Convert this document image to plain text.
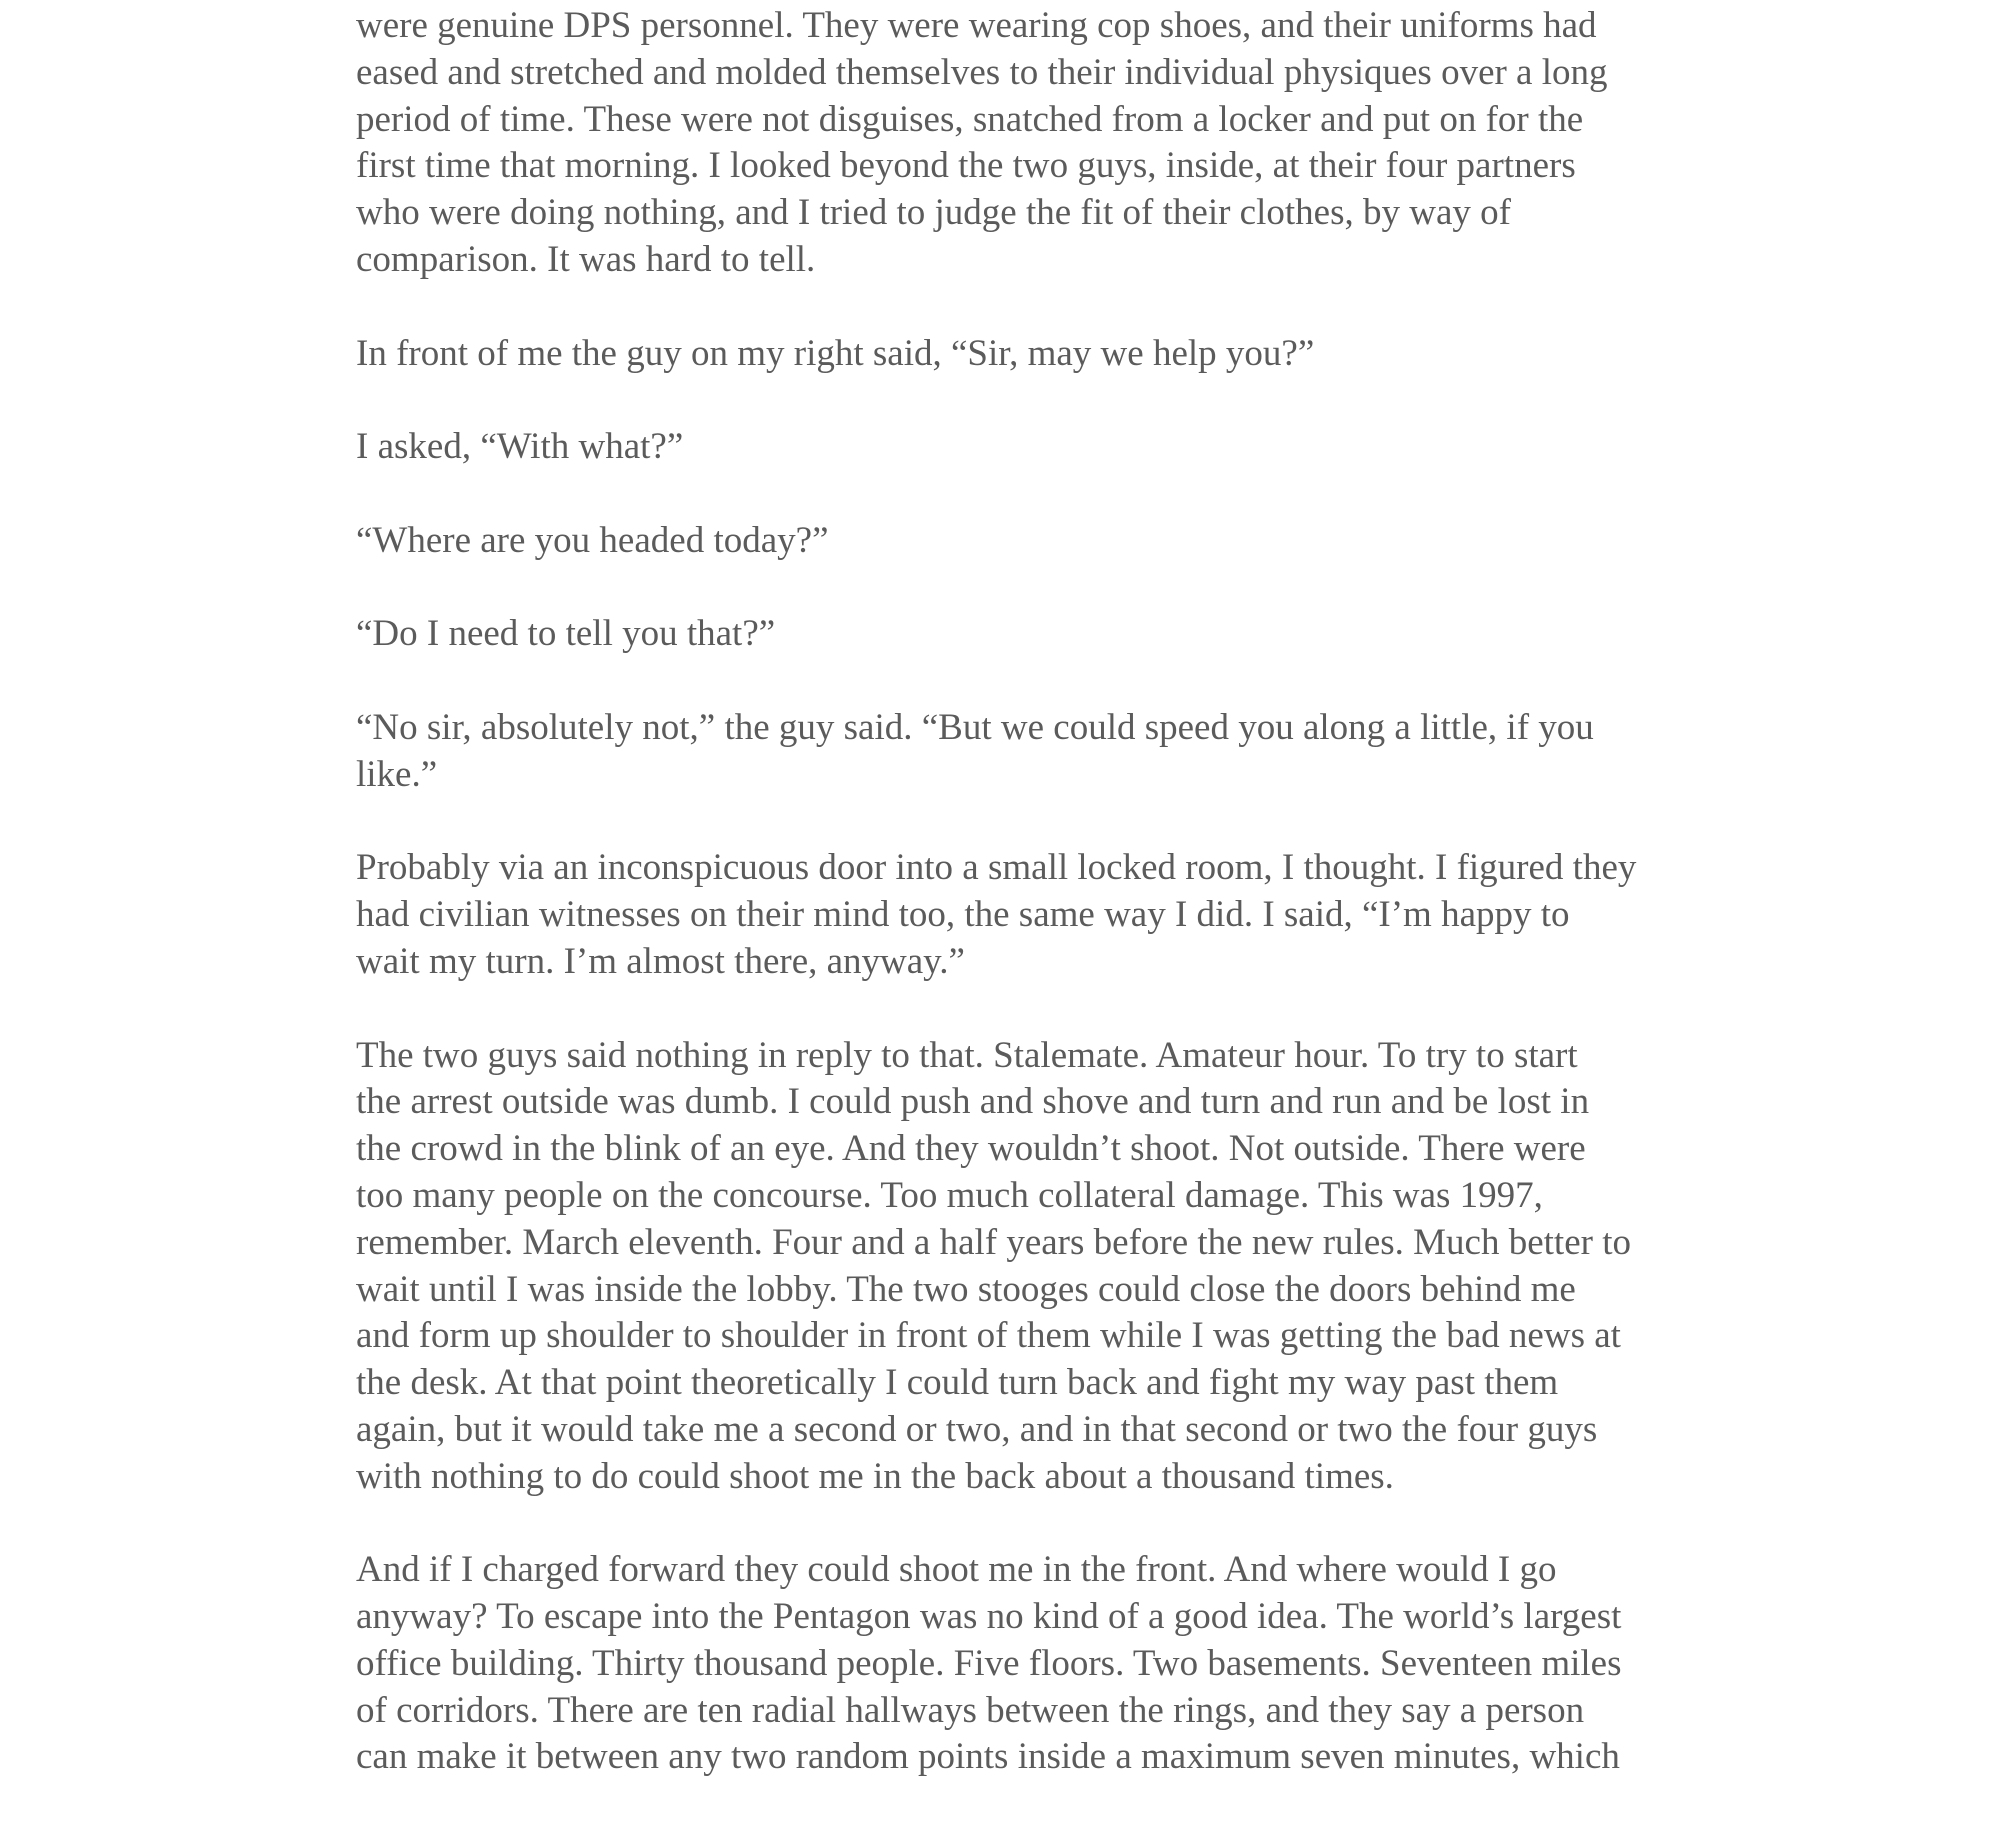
were genuine DPS personnel. They were wearing cop shoes, and their uniforms had
eased and stretched and molded themselves to their individual physiques over a long
period of time. These were not disguises, snatched from a locker and put on for the
first time that morning. I looked beyond the two guys, inside, at their four partners
who were doing nothing, and I tried to judge the fit of their clothes, by way of
comparison. It was hard to tell.

In front of me the guy on my right said, “Sir, may we help you?”

I asked, “With what?”

“Where are you headed today?”

“Do I need to tell you that?”

“No sir, absolutely not,” the guy said. “But we could speed you along a little, if you
like.”

Probably via an inconspicuous door into a small locked room, I thought. I figured they
had civilian witnesses on their mind too, the same way I did. I said, “I’m happy to
wait my turn. I’m almost there, anyway.”

The two guys said nothing in reply to that. Stalemate. Amateur hour. To try to start
the arrest outside was dumb. I could push and shove and turn and run and be lost in
the crowd in the blink of an eye. And they wouldn’t shoot. Not outside. There were
too many people on the concourse. Too much collateral damage. This was 1997,
remember. March eleventh. Four and a half years before the new rules. Much better to
wait until I was inside the lobby. The two stooges could close the doors behind me
and form up shoulder to shoulder in front of them while I was getting the bad news at
the desk. At that point theoretically I could turn back and fight my way past them
again, but it would take me a second or two, and in that second or two the four guys
with nothing to do could shoot me in the back about a thousand times.

And if I charged forward they could shoot me in the front. And where would I go
anyway? To escape into the Pentagon was no kind of a good idea. The world’s largest
office building. Thirty thousand people. Five floors. Two basements. Seventeen miles
of corridors. There are ten radial hallways between the rings, and they say a person
can make it between any two random points inside a maximum seven minutes, which
